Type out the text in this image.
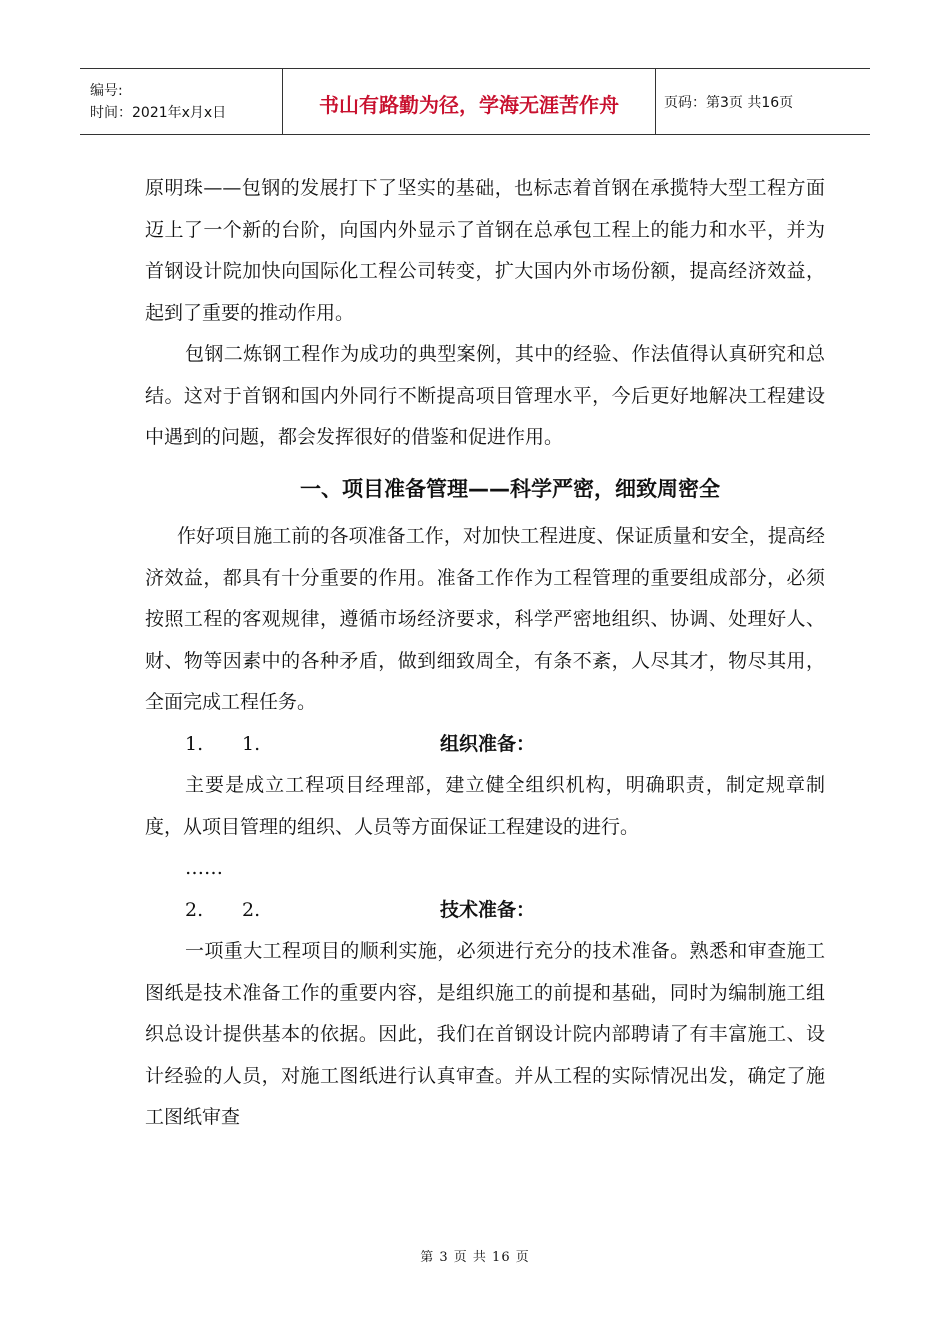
编号:
时间：2021年x月x日	书山有路勤为径，学海无涯苦作舟	页码：第3页 共16页

原明珠——包钢的发展打下了坚实的基础，也标志着首钢在承揽特大型工程方面迈上了一个新的台阶，向国内外显示了首钢在总承包工程上的能力和水平，并为首钢设计院加快向国际化工程公司转变，扩大国内外市场份额，提高经济效益，起到了重要的推动作用。

包钢二炼钢工程作为成功的典型案例，其中的经验、作法值得认真研究和总结。这对于首钢和国内外同行不断提高项目管理水平，今后更好地解决工程建设中遇到的问题，都会发挥很好的借鉴和促进作用。

一、项目准备管理——科学严密，细致周密全

作好项目施工前的各项准备工作，对加快工程进度、保证质量和安全，提高经济效益，都具有十分重要的作用。准备工作作为工程管理的重要组成部分，必须按照工程的客观规律，遵循市场经济要求，科学严密地组织、协调、处理好人、财、物等因素中的各种矛盾，做到细致周全，有条不紊，人尽其才，物尽其用，全面完成工程任务。

1.	1.	组织准备：

主要是成立工程项目经理部，建立健全组织机构，明确职责，制定规章制度，从项目管理的组织、人员等方面保证工程建设的进行。

……

2.	2.	技术准备：

一项重大工程项目的顺利实施，必须进行充分的技术准备。熟悉和审查施工图纸是技术准备工作的重要内容，是组织施工的前提和基础，同时为编制施工组织总设计提供基本的依据。因此，我们在首钢设计院内部聘请了有丰富施工、设计经验的人员，对施工图纸进行认真审查。并从工程的实际情况出发，确定了施工图纸审查

第 3 页 共 16 页
